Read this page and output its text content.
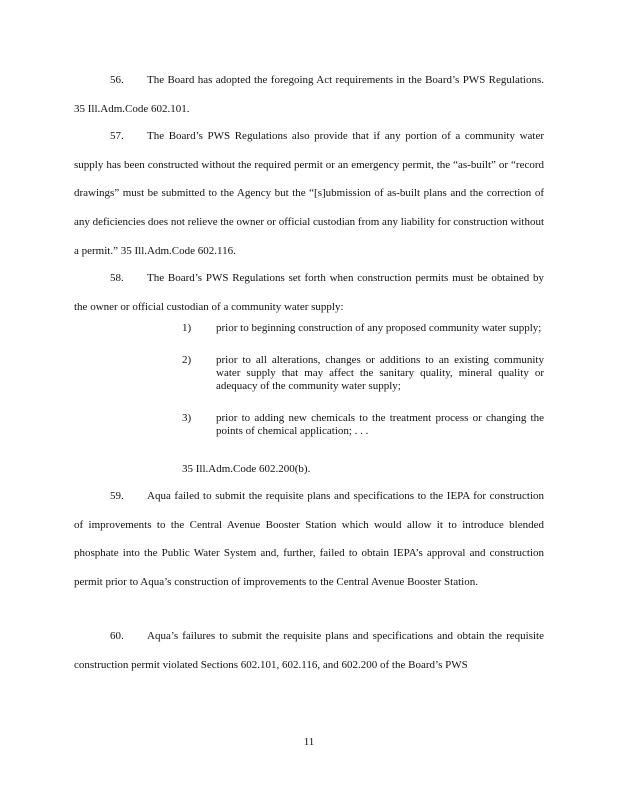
56. The Board has adopted the foregoing Act requirements in the Board’s PWS Regulations. 35 Ill.Adm.Code 602.101.

57. The Board’s PWS Regulations also provide that if any portion of a community water supply has been constructed without the required permit or an emergency permit, the “as-built” or “record drawings” must be submitted to the Agency but the “[s]ubmission of as-built plans and the correction of any deficiencies does not relieve the owner or official custodian from any liability for construction without a permit.” 35 Ill.Adm.Code 602.116.

58. The Board’s PWS Regulations set forth when construction permits must be obtained by the owner or official custodian of a community water supply:

1)	prior to beginning construction of any proposed community water supply;
2)	prior to all alterations, changes or additions to an existing community water supply that may affect the sanitary quality, mineral quality or adequacy of the community water supply;
3)	prior to adding new chemicals to the treatment process or changing the points of chemical application; . . .
35 Ill.Adm.Code 602.200(b).

59. Aqua failed to submit the requisite plans and specifications to the IEPA for construction of improvements to the Central Avenue Booster Station which would allow it to introduce blended phosphate into the Public Water System and, further, failed to obtain IEPA’s approval and construction permit prior to Aqua’s construction of improvements to the Central Avenue Booster Station.

60. Aqua’s failures to submit the requisite plans and specifications and obtain the requisite construction permit violated Sections 602.101, 602.116, and 602.200 of the Board’s PWS

11
